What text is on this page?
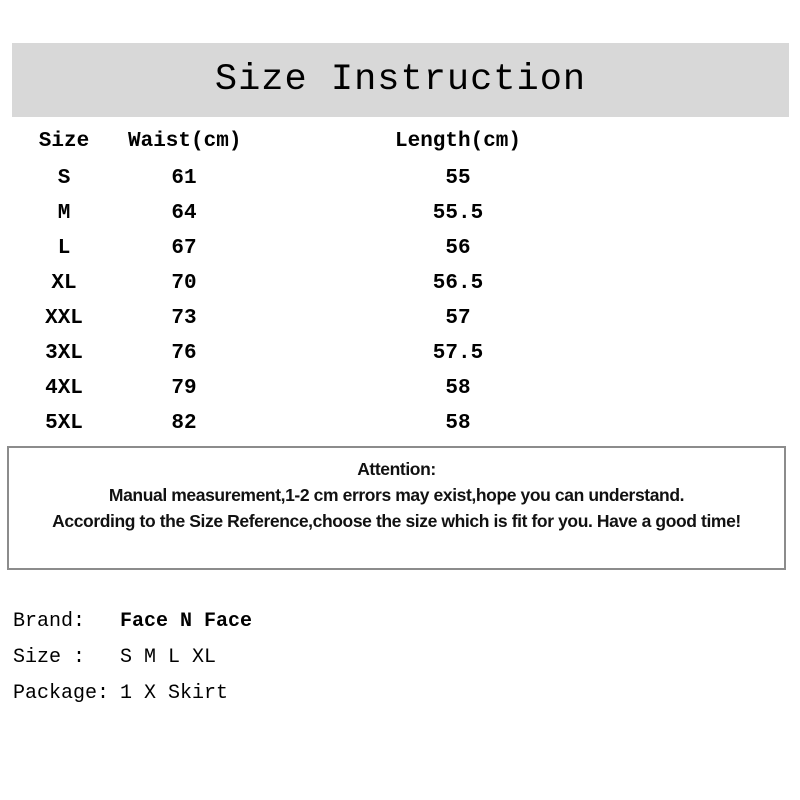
Size Instruction
Size	Waist(cm)	Length(cm)
S	61	55
M	64	55.5
L	67	56
XL	70	56.5
XXL	73	57
3XL	76	57.5
4XL	79	58
5XL	82	58
Attention:
Manual measurement,1-2 cm errors may exist,hope you can understand.
According to the Size Reference,choose the size which is fit for you. Have a good time!
Brand:	Face N Face
Size :	S M L XL
Package: 1 X Skirt
